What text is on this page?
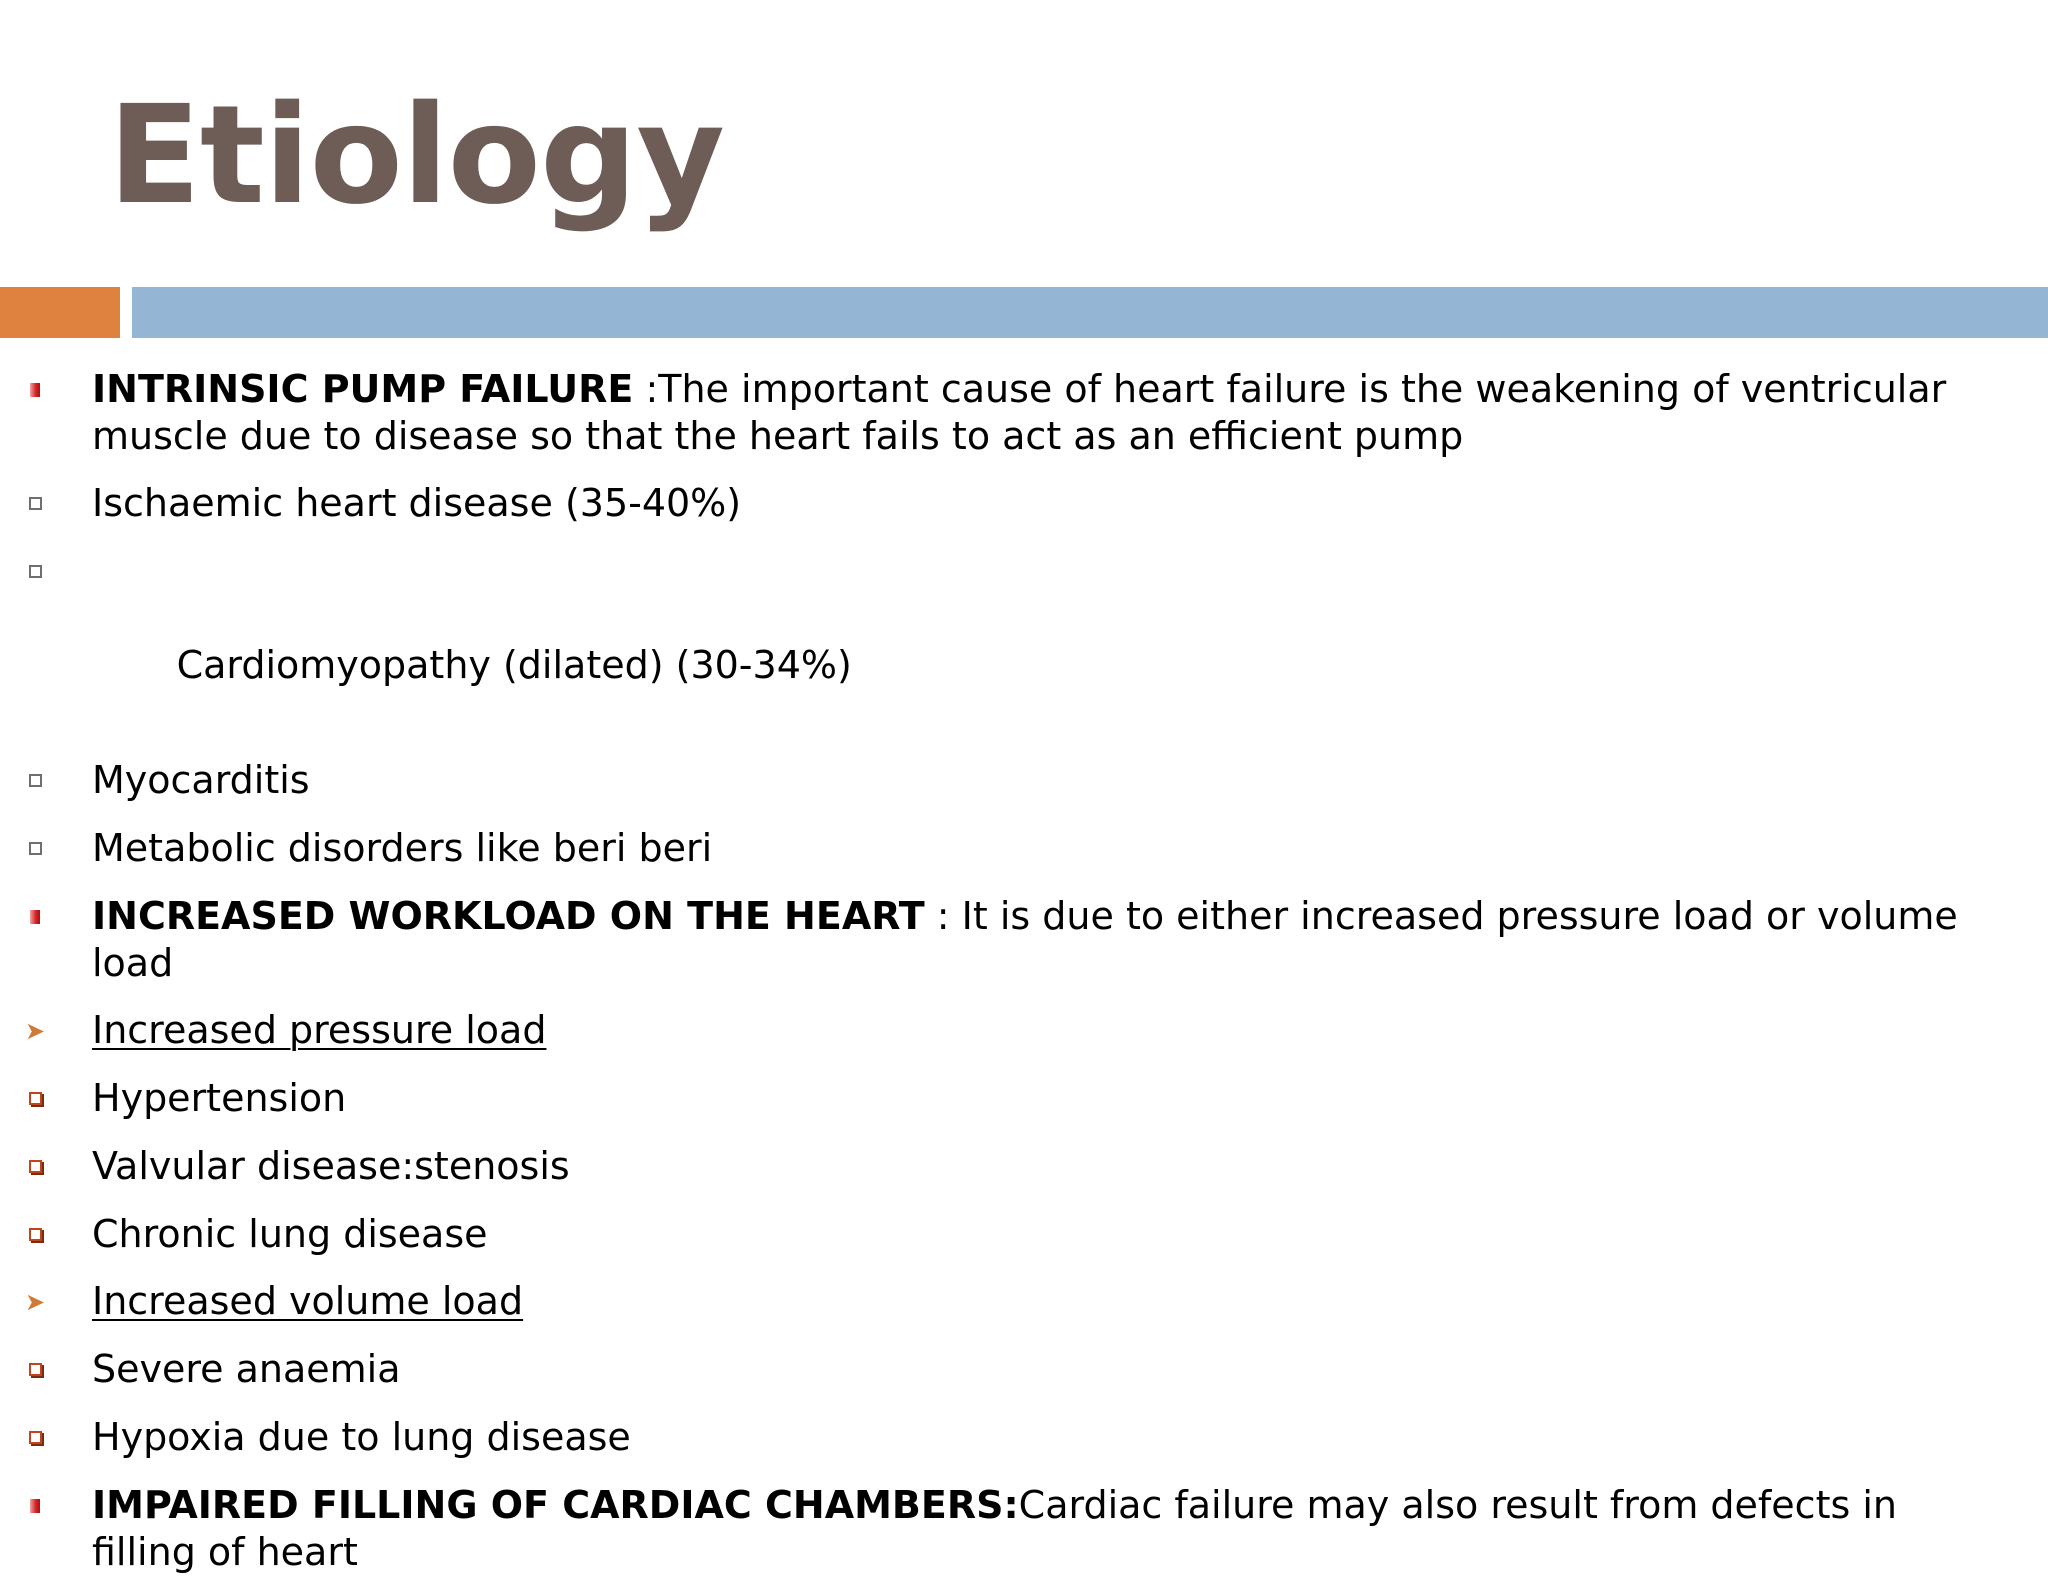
Etiology
INTRINSIC PUMP FAILURE :The important cause of heart failure is the weakening of ventricular muscle due to disease so that the heart fails to act as an efficient pump
Ischaemic heart disease (35-40%)

Cardiomyopathy (dilated) (30-34%)

Myocarditis
Metabolic disorders like beri beri
INCREASED WORKLOAD ON THE HEART : It is due to either increased pressure load or volume load
➤ Increased pressure load
Hypertension
Valvular disease:stenosis
Chronic lung disease
➤ Increased volume load
Severe anaemia
Hypoxia due to lung disease
IMPAIRED FILLING OF CARDIAC CHAMBERS:Cardiac failure may also result from defects in filling of heart
